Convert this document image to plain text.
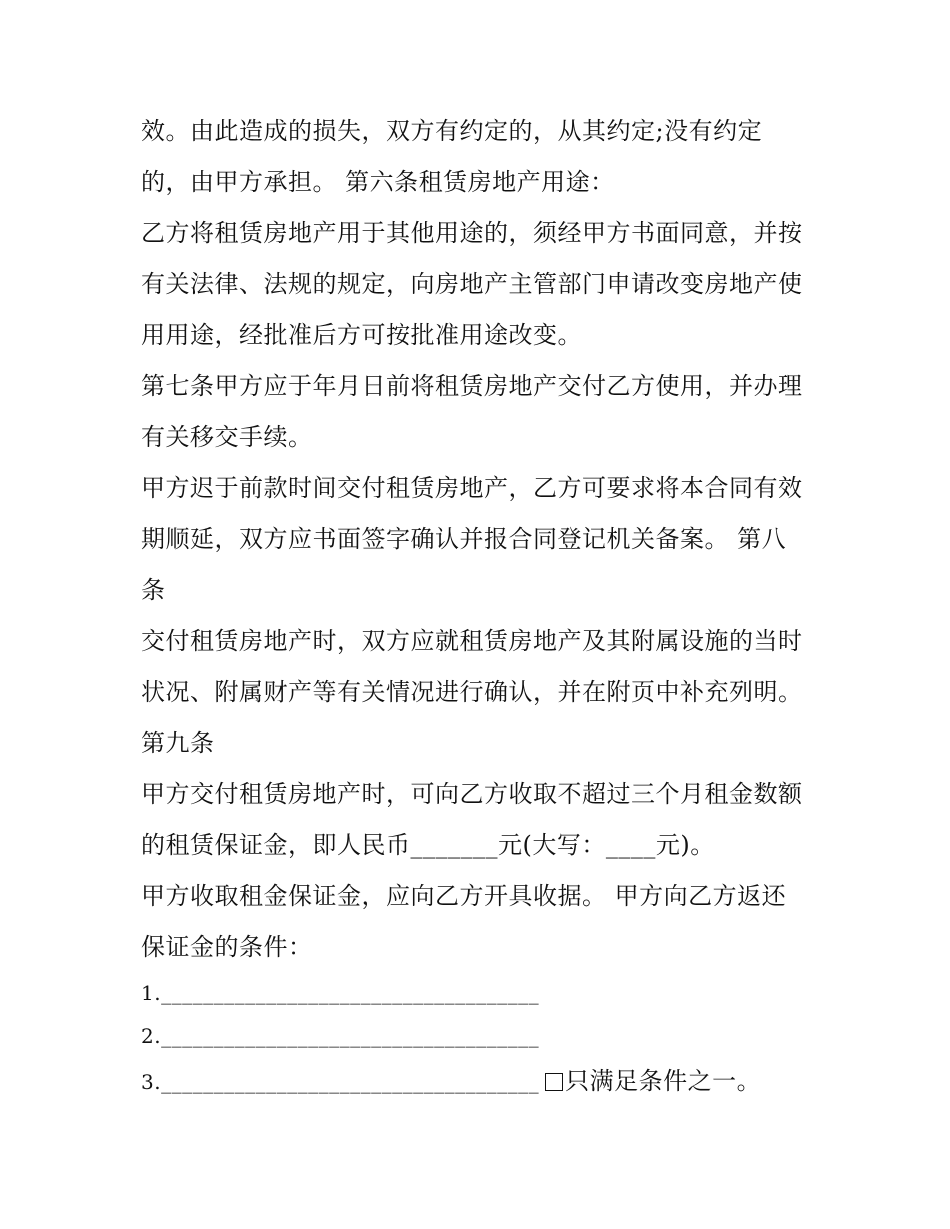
效。由此造成的损失，双方有约定的，从其约定;没有约定
的，由甲方承担。 第六条租赁房地产用途：
乙方将租赁房地产用于其他用途的，须经甲方书面同意，并按
有关法律、法规的规定，向房地产主管部门申请改变房地产使
用用途，经批准后方可按批准用途改变。
第七条甲方应于年月日前将租赁房地产交付乙方使用，并办理
有关移交手续。
甲方迟于前款时间交付租赁房地产，乙方可要求将本合同有效
期顺延，双方应书面签字确认并报合同登记机关备案。 第八
条
交付租赁房地产时，双方应就租赁房地产及其附属设施的当时
状况、附属财产等有关情况进行确认，并在附页中补充列明。
第九条
甲方交付租赁房地产时，可向乙方收取不超过三个月租金数额
的租赁保证金，即人民币_______元(大写：____元)。
甲方收取租金保证金，应向乙方开具收据。 甲方向乙方返还
保证金的条件：
1.____________________________________
2.____________________________________
3.____________________________________ 只满足条件之一。
